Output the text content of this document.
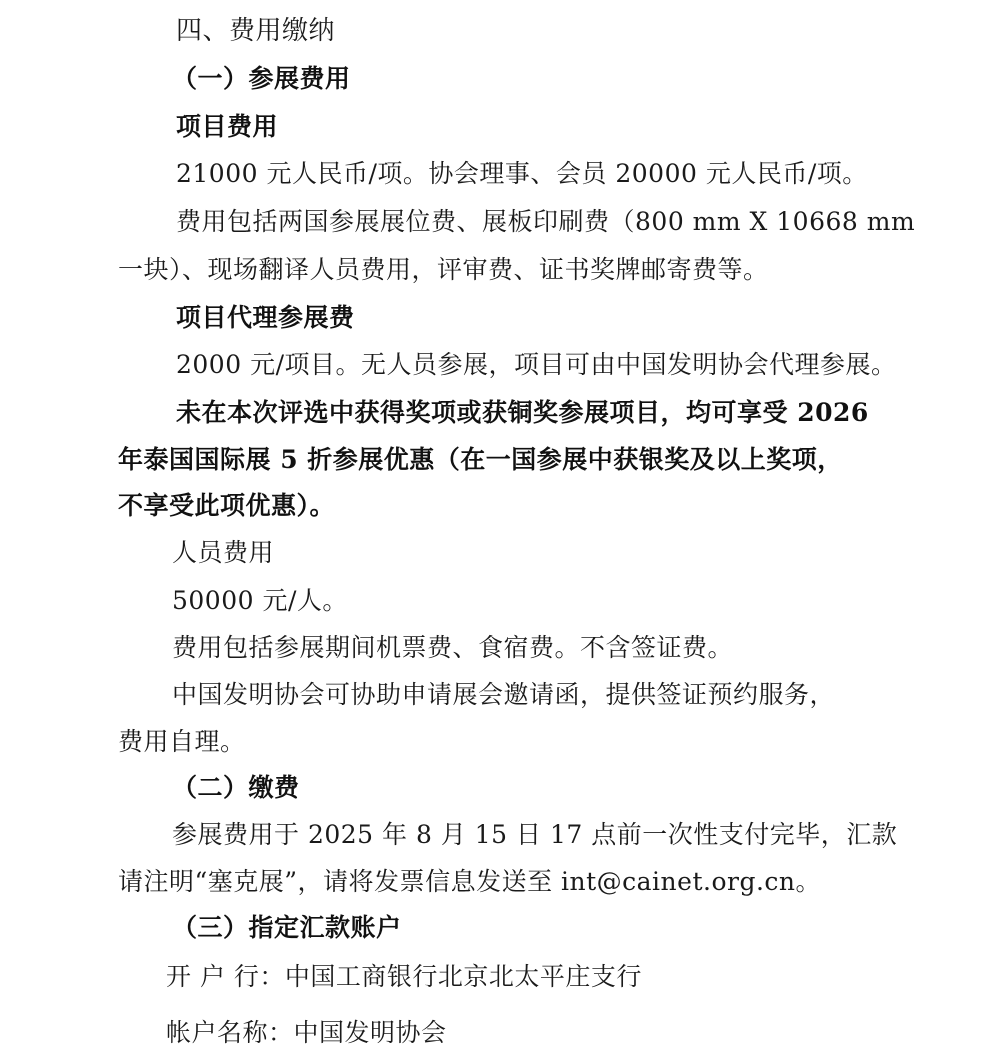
四、费用缴纳
（一）参展费用
项目费用
21000 元人民币/项。协会理事、会员 20000 元人民币/项。
费用包括两国参展展位费、展板印刷费（800 mm X 10668 mm
一块）、现场翻译人员费用，评审费、证书奖牌邮寄费等。
项目代理参展费
2000 元/项目。无人员参展，项目可由中国发明协会代理参展。
未在本次评选中获得奖项或获铜奖参展项目，均可享受 2026
年泰国国际展 5 折参展优惠（在一国参展中获银奖及以上奖项，
不享受此项优惠）。
人员费用
50000 元/人。
费用包括参展期间机票费、食宿费。不含签证费。
中国发明协会可协助申请展会邀请函，提供签证预约服务，
费用自理。
（二）缴费
参展费用于 2025 年 8 月 15 日 17 点前一次性支付完毕，汇款
请注明“塞克展”，请将发票信息发送至 int@cainet.org.cn。
（三）指定汇款账户
开 户 行：中国工商银行北京北太平庄支行
帐户名称：中国发明协会
